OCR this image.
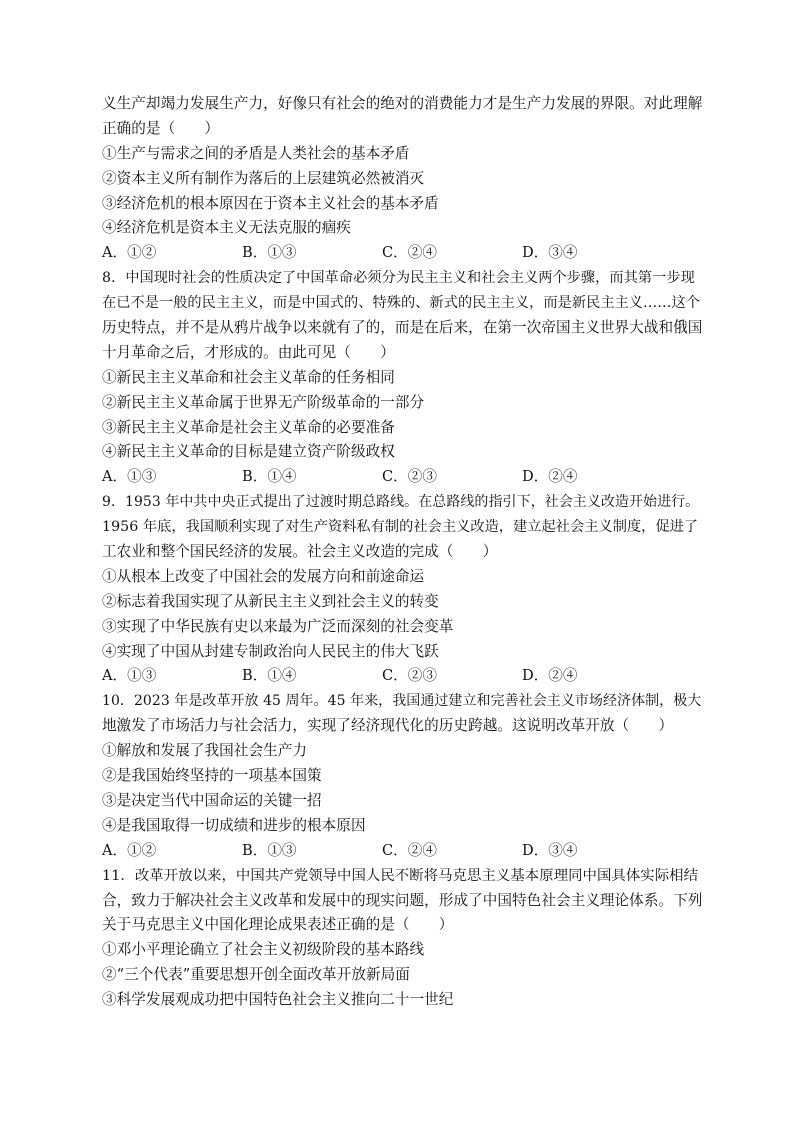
义生产却竭力发展生产力，好像只有社会的绝对的消费能力才是生产力发展的界限。对此理解
正确的是（　　）
①生产与需求之间的矛盾是人类社会的基本矛盾
②资本主义所有制作为落后的上层建筑必然被消灭
③经济危机的根本原因在于资本主义社会的基本矛盾
④经济危机是资本主义无法克服的痼疾
A．①②	B．①③	C．②④	D．③④
8．中国现时社会的性质决定了中国革命必须分为民主主义和社会主义两个步骤，而其第一步现
在已不是一般的民主主义，而是中国式的、特殊的、新式的民主主义，而是新民主主义……这个
历史特点，并不是从鸦片战争以来就有了的，而是在后来，在第一次帝国主义世界大战和俄国
十月革命之后，才形成的。由此可见（　　）
①新民主主义革命和社会主义革命的任务相同
②新民主主义革命属于世界无产阶级革命的一部分
③新民主主义革命是社会主义革命的必要准备
④新民主主义革命的目标是建立资产阶级政权
A．①③	B．①④	C．②③	D．②④
9．1953 年中共中央正式提出了过渡时期总路线。在总路线的指引下，社会主义改造开始进行。
1956 年底，我国顺利实现了对生产资料私有制的社会主义改造，建立起社会主义制度，促进了
工农业和整个国民经济的发展。社会主义改造的完成（　　）
①从根本上改变了中国社会的发展方向和前途命运
②标志着我国实现了从新民主主义到社会主义的转变
③实现了中华民族有史以来最为广泛而深刻的社会变革
④实现了中国从封建专制政治向人民民主的伟大飞跃
A．①③	B．①④	C．②③	D．②④
10．2023 年是改革开放 45 周年。45 年来，我国通过建立和完善社会主义市场经济体制，极大
地激发了市场活力与社会活力，实现了经济现代化的历史跨越。这说明改革开放（　　）
①解放和发展了我国社会生产力
②是我国始终坚持的一项基本国策
③是决定当代中国命运的关键一招
④是我国取得一切成绩和进步的根本原因
A．①②	B．①③	C．②④	D．③④
11．改革开放以来，中国共产党领导中国人民不断将马克思主义基本原理同中国具体实际相结
合，致力于解决社会主义改革和发展中的现实问题，形成了中国特色社会主义理论体系。下列
关于马克思主义中国化理论成果表述正确的是（　　）
①邓小平理论确立了社会主义初级阶段的基本路线
②“三个代表”重要思想开创全面改革开放新局面
③科学发展观成功把中国特色社会主义推向二十一世纪
